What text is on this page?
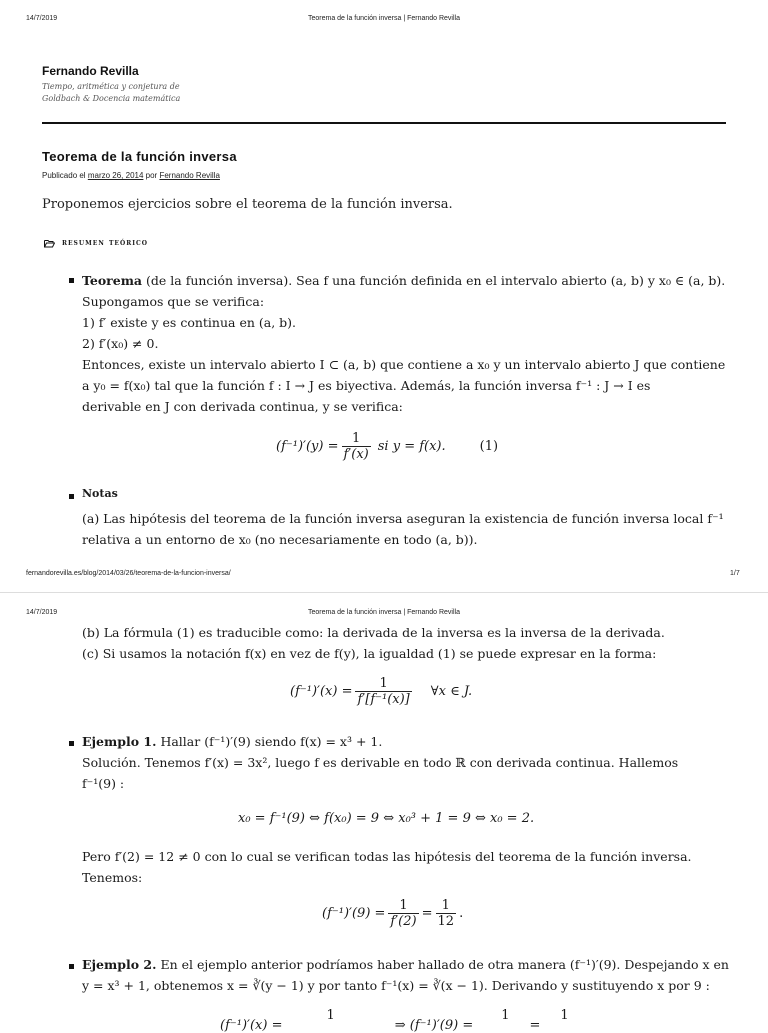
14/7/2019	Teorema de la función inversa | Fernando Revilla
Fernando Revilla
Tiempo, aritmética y conjetura de
Goldbach & Docencia matemática
Teorema de la función inversa
Publicado el marzo 26, 2014 por Fernando Revilla
Proponemos ejercicios sobre el teorema de la función inversa.
resumen teórico
Teorema (de la función inversa). Sea f una función definida en el intervalo abierto (a, b) y x₀ ∈ (a, b).
Supongamos que se verifica:
1) f′ existe y es continua en (a, b).
2) f′(x₀) ≠ 0.
Entonces, existe un intervalo abierto I ⊂ (a, b) que contiene a x₀ y un intervalo abierto J que contiene
a y₀ = f(x₀) tal que la función f : I → J es biyectiva. Además, la función inversa f⁻¹ : J → I es
derivable en J con derivada continua, y se verifica:
$(f^{-1})'(y) = \frac{1}{f'(x)}$ si y = f(x).	(1)
Notas
(a) Las hipótesis del teorema de la función inversa aseguran la existencia de función inversa local f⁻¹
relativa a un entorno de x₀ (no necesariamente en todo (a, b)).
fernandorevilla.es/blog/2014/03/26/teorema-de-la-funcion-inversa/	1/7
14/7/2019	Teorema de la función inversa | Fernando Revilla
(b) La fórmula (1) es traducible como: la derivada de la inversa es la inversa de la derivada.
(c) Si usamos la notación f(x) en vez de f(y), la igualdad (1) se puede expresar en la forma:
$(f^{-1})'(x) = \frac{1}{\text{f′[f⁻¹(x)]}}$ ∀x ∈ J.
Ejemplo 1. Hallar (f⁻¹)′(9) siendo f(x) = x³ + 1.
Solución. Tenemos f′(x) = 3x², luego f es derivable en todo ℝ con derivada continua. Hallemos
f⁻¹(9) :
x₀ = f⁻¹(9) ⇔ f(x₀) = 9 ⇔ x₀³ + 1 = 9 ⇔ x₀ = 2.
Pero f′(2) = 12 ≠ 0 con lo cual se verifican todas las hipótesis del teorema de la función inversa.
Tenemos:
$(f^{-1})'(9) = \frac{1}{f'(2)} = \frac{1}{12}$ .
Ejemplo 2. En el ejemplo anterior podríamos haber hallado de otra manera (f⁻¹)′(9). Despejando x en
y = x³ + 1, obtenemos x = ∛(y − 1) y por tanto f⁻¹(x) = ∛(x − 1). Derivando y sustituyendo x por 9 :
(f⁻¹)′(x) =
1
⇒ (f⁻¹)′(9) =
1
=
1
